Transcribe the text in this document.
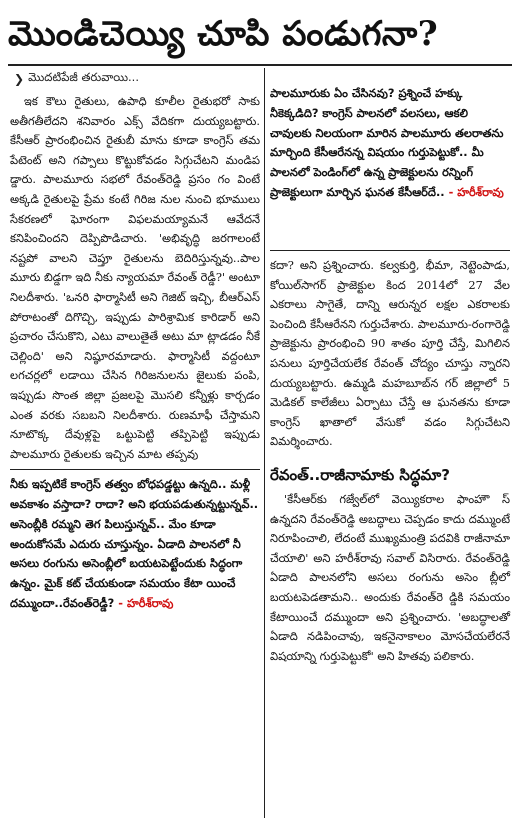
మొండిచెయ్యి చూపి పండుగనా?
❯ మొదటిపేజీ తరువాయి...

ఇక కౌలు రైతులు, ఉపాధి కూలీల రైతుభరో సాకు అతీగతీలేదని శనివారం ఎక్స్ వేదికగా దుయ్యబట్టారు. కేసీఆర్ ప్రారంభించిన రైతుబీ మాను కూడా కాంగ్రెస్ తమ పేటెంట్ అని గప్పాలు కొట్టుకోవడం సిగ్గుచేటని మండిప డ్డారు. పాలమూరు సభలో రేవంత్‌రెడ్డి ప్రసం గం వింటే అక్కడి రైతులపై ప్రేమ కంటే గిరిజ నుల నుంచి భూములు సేకరణలో ఘోరంగా విఫలమయ్యామనే ఆవేదనే కనిపించిందని దెప్పిపొడిచారు. 'అభివృద్ధి జరగాలంటే నష్టపో వాలని చెప్తూ రైతులను బెదిరిస్తున్నవు..పాల మూరు బిడ్డగా ఇది నీకు న్యాయమా రేవంత్ రెడ్డీ?' అంటూ నిలదీశారు. 'ఒనరి ఫార్మాసిటీ అని గెజిట్ ఇచ్చి, బీఆర్ఎస్ పోరాటంతో దిగొచ్చి, ఇప్పుడు పారిశ్రామిక కారిడార్ అని ప్రచారం చేసుకొని, ఎటు వాలుతైతే అటు మా ట్లాడడం నీకే చెల్లింది' అని నిష్ఠూరమాడారు. ఫార్మాసిటీ వద్దంటూ లగచర్లలో లడాయి చేసిన గిరిజనులను జైలుకు పంపి, ఇప్పుడు సొంత జిల్లా ప్రజలపై మొసలి కన్నీళ్లు కార్చడం ఎంత వరకు సబబని నిలదీశారు. రుణమాఫీ చేస్తామని నూటొక్క దేవుళ్లపై ఒట్టుపెట్టి తప్పిపెట్టి ఇప్పుడు పాలమూరు రైతులకు ఇచ్చిన మాట తప్పవు

నీకు ఇప్పటికే కాంగ్రెస్ తత్వం బోధపడ్డట్టు ఉన్నది.. మళ్లీ అవకాశం వస్తాదా? రాదా? అని భయపడుతున్నట్టున్నవ్.. అసెంబ్లీకి రమ్మని తెగ పిలుస్తున్నవ్.. మేం కూడా అందుకోసమే ఎదురు చూస్తున్నం. ఏడాది పాలనలో నీ అసలు రంగును అసెంబ్లీలో బయటపెట్టేందుకు సిద్ధంగా ఉన్నం. మైక్ కట్ చేయకుండా సమయం కేటా యించే దమ్ముందా..రేవంత్‌రెడ్డీ? - హరీశ్‌రావు
పాలమూరుకు ఏం చేసినవు? ప్రశ్నించే హక్కు నీకెక్కడిది? కాంగ్రెస్ పాలనలో వలసలు, ఆకలి చావులకు నిలయంగా మారిన పాలమూరు తలరాతను మార్చింది కేసీఆరేనన్న విషయం గుర్తుపెట్టుకో.. మీ పాలనలో పెండింగ్‌లో ఉన్న ప్రాజెక్టులను రన్నింగ్ ప్రాజెక్టులుగా మార్చిన ఘనత కేసీఆర్‌దే.. - హరీశ్‌రావు

కదా? అని ప్రశ్నించారు. కల్వకుర్తి, భీమా, నెట్టెంపాడు, కోయిల్‌సాగర్ ప్రాజెక్టుల కింద 2014లో 27 వేల ఎకరాలు సాగైతే, దాన్ని ఆరున్నర లక్షల ఎకరాలకు పెంచింది కేసీఆరేనని గుర్తుచేశారు. పాలమూరు-రంగారెడ్డి ప్రాజెక్టును ప్రారంభించి 90 శాతం పూర్తి చేస్తే, మిగిలిన పనులు పూర్తిచేయలేక రేవంత్ చోద్యం చూస్తు న్నారని దుయ్యబట్టారు. ఉమ్మడి మహబూబ్‌న గర్ జిల్లాలో 5 మెడికల్ కాలేజీలు ఏర్పాటు చేస్తే ఆ ఘనతను కూడా కాంగ్రెస్ ఖాతాలో వేసుకో వడం సిగ్గుచేటని విమర్శించారు.

రేవంత్..రాజీనామాకు సిద్ధమా?

'కేసీఆర్‌కు గజ్వేల్‌లో వెయ్యికరాల ఫాంహౌ స్ ఉన్నదని రేవంత్‌రెడ్డి అబద్ధాలు చెప్పడం కాదు దమ్ముంటే నిరూపించాలి, లేదంటే ముఖ్యమంత్రి పదవికి రాజీనామా చేయాలి' అని హరీశ్‌రావు సవాల్ విసిరారు. రేవంత్‌రెడ్డి ఏడాది పాలనలోని అసలు రంగును అసెం బ్లీలో బయటపెడతామని.. అందుకు రేవంత్‌రె డ్డికి సమయం కేటాయించే దమ్ముందా అని ప్రశ్నించారు. 'అబద్ధాలతో ఏడాది నడిపించావు, ఇకనైనాకాలం మోసచేయలేరనే విషయాన్ని గుర్తుపెట్టుకో' అని హితవు పలికారు.
